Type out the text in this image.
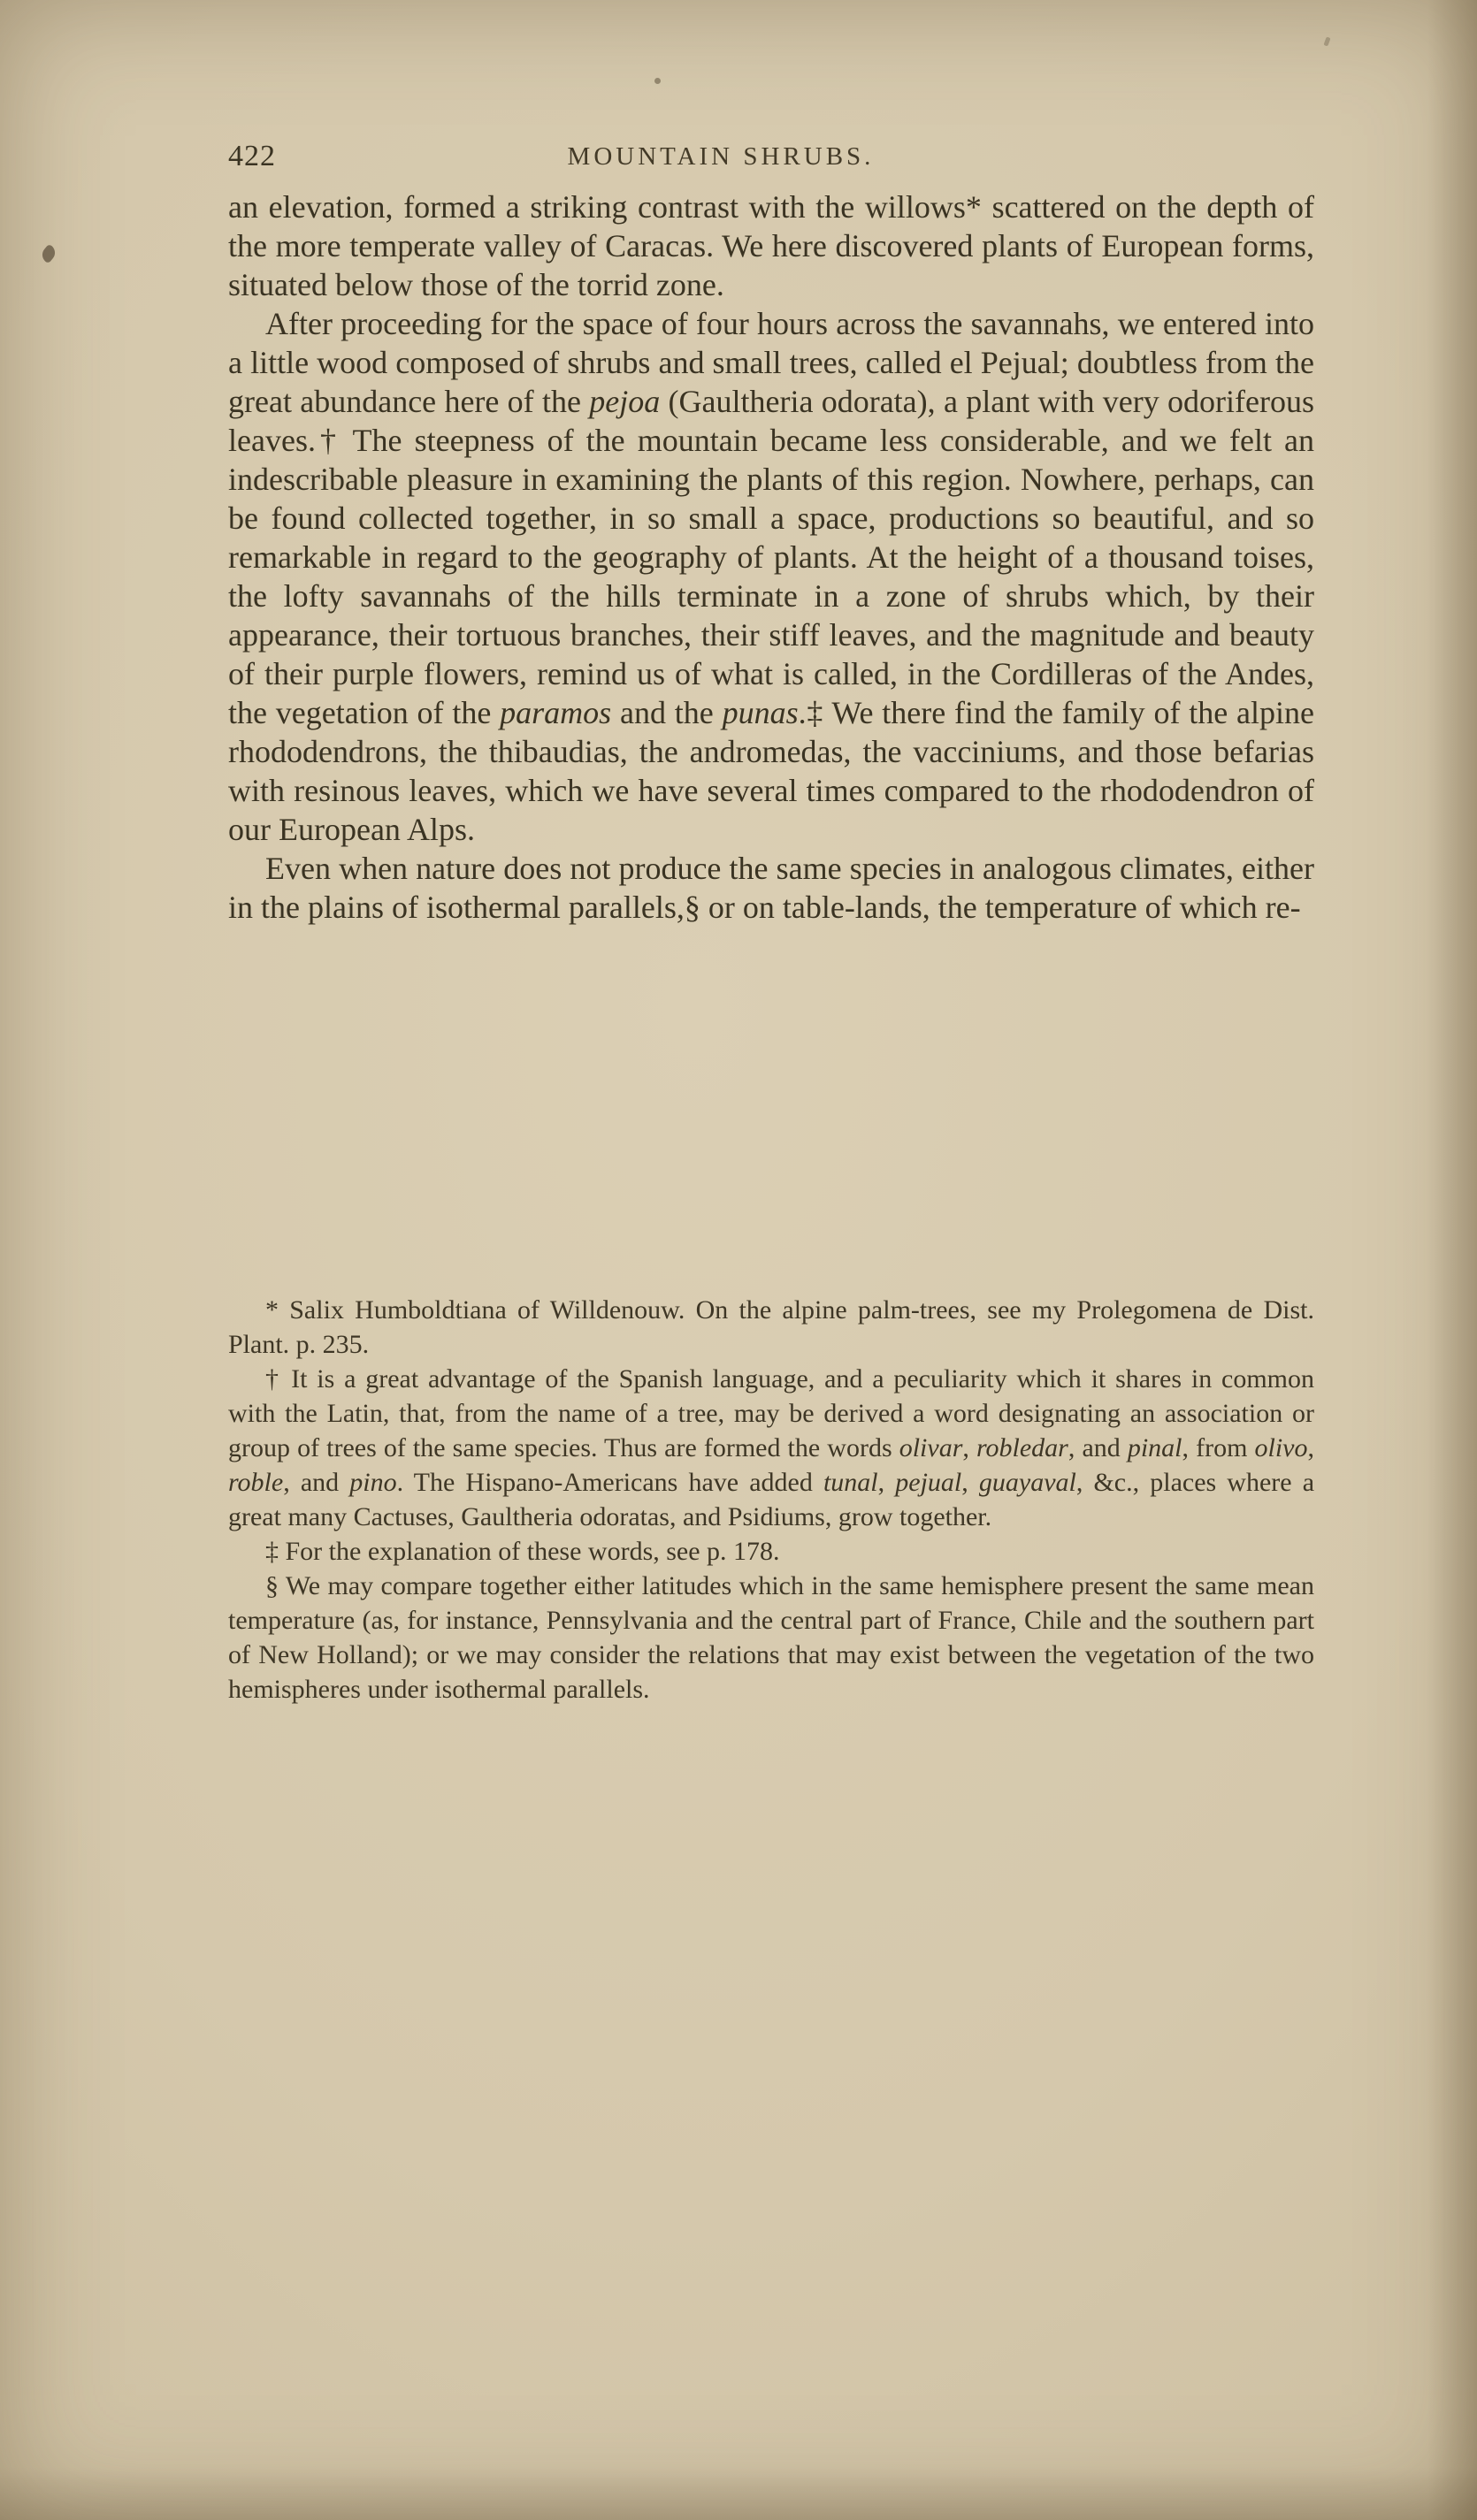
422	MOUNTAIN SHRUBS.

an elevation, formed a striking contrast with the willows* scattered on the depth of the more temperate valley of Caracas. We here discovered plants of European forms, situated below those of the torrid zone.

After proceeding for the space of four hours across the savannahs, we entered into a little wood composed of shrubs and small trees, called el Pejual; doubtless from the great abundance here of the pejoa (Gaultheria odorata), a plant with very odoriferous leaves.† The steepness of the mountain became less considerable, and we felt an indescribable pleasure in examining the plants of this region. Nowhere, perhaps, can be found collected together, in so small a space, productions so beautiful, and so remarkable in regard to the geography of plants. At the height of a thousand toises, the lofty savannahs of the hills terminate in a zone of shrubs which, by their appearance, their tortuous branches, their stiff leaves, and the magnitude and beauty of their purple flowers, remind us of what is called, in the Cordilleras of the Andes, the vegetation of the paramos and the punas.‡ We there find the family of the alpine rhododendrons, the thibaudias, the andromedas, the vacciniums, and those befarias with resinous leaves, which we have several times compared to the rhododendron of our European Alps.

Even when nature does not produce the same species in analogous climates, either in the plains of isothermal parallels,§ or on table-lands, the temperature of which re-

* Salix Humboldtiana of Willdenouw. On the alpine palm-trees, see my Prolegomena de Dist. Plant. p. 235.

† It is a great advantage of the Spanish language, and a peculiarity which it shares in common with the Latin, that, from the name of a tree, may be derived a word designating an association or group of trees of the same species. Thus are formed the words olivar, robledar, and pinal, from olivo, roble, and pino. The Hispano-Americans have added tunal, pejual, guayaval, &c., places where a great many Cactuses, Gaultheria odoratas, and Psidiums, grow together.

‡ For the explanation of these words, see p. 178.

§ We may compare together either latitudes which in the same hemisphere present the same mean temperature (as, for instance, Pennsylvania and the central part of France, Chile and the southern part of New Holland); or we may consider the relations that may exist between the vegetation of the two hemispheres under isothermal parallels.
